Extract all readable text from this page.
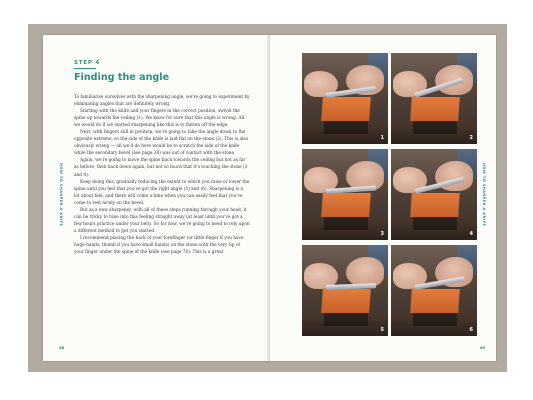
HOW TO SHARPEN A KNIFE
STEP 4
Finding the angle

To familiarise ourselves with the sharpening angle, we’re going to experiment by eliminating angles that are definitely wrong.

Starting with the knife and your fingers in the correct position, swivel the spine up towards the ceiling (1). We know for sure that this angle is wrong. All we would do if we started sharpening like this is to flatten off the edge.

Next, with fingers still in position, we’re going to take the angle down to the opposite extreme, so the side of the knife is laid flat on the stone (2). This is also obviously wrong — all we’d do here would be to scratch the side of the knife while the secondary bevel (see page 38) was out of contact with the stone.

Again, we’re going to move the spine back towards the ceiling but not as far as before, then back down again, but not so much that it’s touching the stone (3 and 4).

Keep doing this, gradually reducing the extent to which you raise or lower the spine until you feel that you’ve got the right angle (5) and (6). Sharpening is a lot about feel, and there will come a time when you can easily feel that you’ve come to rest nicely on the bevel.

But as a new sharpener, with all of these steps running through your head, it can be tricky to tune into this feeling straight away (at least until you’ve got a few hours practice under your belt). So for now, we’re going to need to rely upon a different method to get you started.

I recommend placing the back of your forefinger (or little finger if you have huge hands, thumb if you have small hands) on the stone with the very tip of your finger under the spine of the knife (see page 70). This is a great

68
1	2
3	4
5	6
HOW TO SHARPEN A KNIFE
69
